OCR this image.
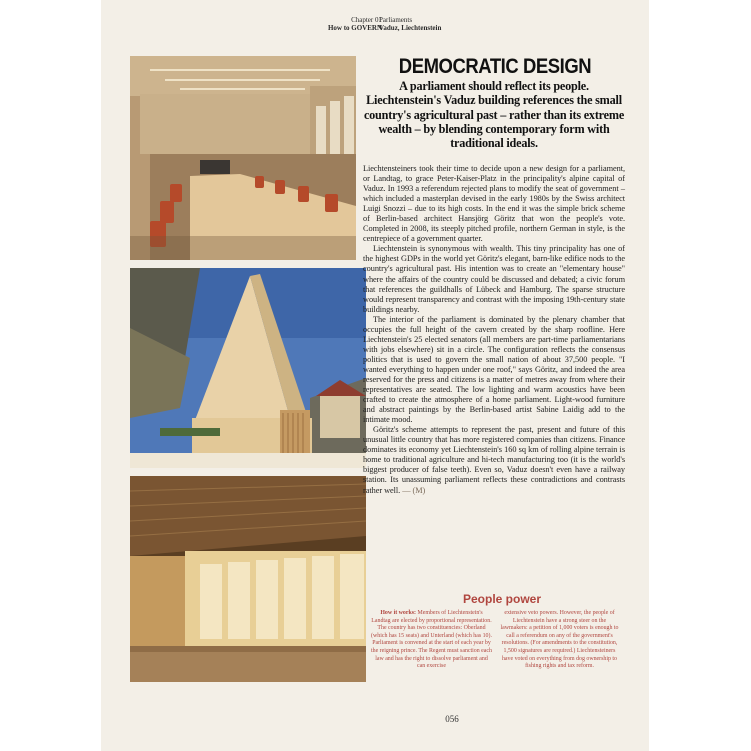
Chapter 01
How to GOVERN
Parliaments
Vaduz, Liechtenstein
DEMOCRATIC DESIGN
A parliament should reflect its people. Liechtenstein's Vaduz building references the small country's agricultural past – rather than its extreme wealth – by blending contemporary form with traditional ideals.

Liechtensteiners took their time to decide upon a new design for a parliament, or Landtag, to grace Peter-Kaiser-Platz in the principality's alpine capital of Vaduz. In 1993 a referendum rejected plans to modify the seat of government – which included a masterplan devised in the early 1980s by the Swiss architect Luigi Snozzi – due to its high costs. In the end it was the simple brick scheme of Berlin-based architect Hansjörg Göritz that won the people's vote. Completed in 2008, its steeply pitched profile, northern German in style, is the centrepiece of a government quarter.

Liechtenstein is synonymous with wealth. This tiny principality has one of the highest GDPs in the world yet Göritz's elegant, barn-like edifice nods to the country's agricultural past. His intention was to create an "elementary house" where the affairs of the country could be discussed and debated; a civic forum that references the guildhalls of Lübeck and Hamburg. The sparse structure would represent transparency and contrast with the imposing 19th-century state buildings nearby.

The interior of the parliament is dominated by the plenary chamber that occupies the full height of the cavern created by the sharp roofline. Here Liechtenstein's 25 elected senators (all members are part-time parliamentarians with jobs elsewhere) sit in a circle. The configuration reflects the consensus politics that is used to govern the small nation of about 37,500 people. "I wanted everything to happen under one roof," says Göritz, and indeed the area reserved for the press and citizens is a matter of metres away from where their representatives are seated. The low lighting and warm acoustics have been crafted to create the atmosphere of a home parliament. Light-wood furniture and abstract paintings by the Berlin-based artist Sabine Laidig add to the intimate mood.

Göritz's scheme attempts to represent the past, present and future of this unusual little country that has more registered companies than citizens. Finance dominates its economy yet Liechtenstein's 160 sq km of rolling alpine terrain is home to traditional agriculture and hi-tech manufacturing too (it is the world's biggest producer of false teeth). Even so, Vaduz doesn't even have a railway station. Its unassuming parliament reflects these contradictions and contrasts rather well. — (M)

People power
How it works: Members of Liechtenstein's Landtag are elected by proportional representation. The country has two constituencies: Oberland (which has 15 seats) and Unterland (which has 10). Parliament is convened at the start of each year by the reigning prince. The Regent must sanction each law and has the right to dissolve parliament and can exercise
extensive veto powers. However, the people of Liechtenstein have a strong steer on the lawmakers: a petition of 1,000 voters is enough to call a referendum on any of the government's resolutions. (For amendments to the constitution, 1,500 signatures are required.) Liechtensteiners have voted on everything from dog ownership to fishing rights and tax reform.
056
